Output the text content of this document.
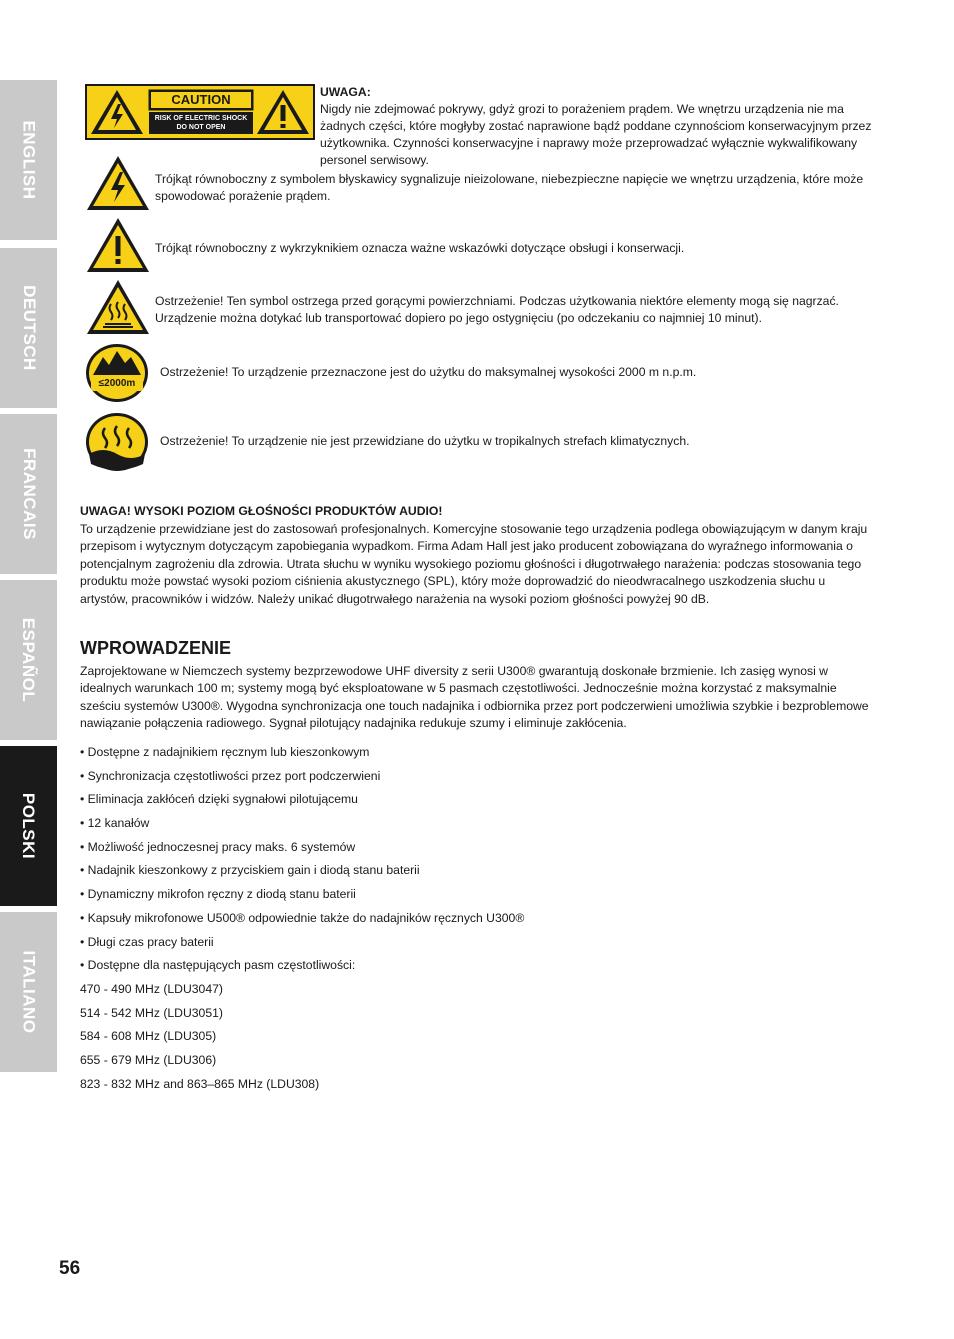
ENGLISH
DEUTSCH
FRANCAIS
ESPAÑOL
POLSKI
ITALIANO
CAUTION
RISK OF ELECTRIC SHOCK
DO NOT OPEN
UWAGA:
Nigdy nie zdejmować pokrywy, gdyż grozi to porażeniem prądem. We wnętrzu urządzenia nie ma żadnych części, które mogłyby zostać naprawione bądź poddane czynnościom konserwacyjnym przez użytkownika. Czynności konserwacyjne i naprawy może przeprowadzać wyłącznie wykwalifikowany personel serwisowy.
Trójkąt równoboczny z symbolem błyskawicy sygnalizuje nieizolowane, niebezpieczne napięcie we wnętrzu urządzenia, które może spowodować porażenie prądem.
Trójkąt równoboczny z wykrzyknikiem oznacza ważne wskazówki dotyczące obsługi i konserwacji.
Ostrzeżenie! Ten symbol ostrzega przed gorącymi powierzchniami. Podczas użytkowania niektóre elementy mogą się nagrzać. Urządzenie można dotykać lub transportować dopiero po jego ostygnięciu (po odczekaniu co najmniej 10 minut).
≤2000m
Ostrzeżenie! To urządzenie przeznaczone jest do użytku do maksymalnej wysokości 2000 m n.p.m.
Ostrzeżenie! To urządzenie nie jest przewidziane do użytku w tropikalnych strefach klimatycznych.
UWAGA! WYSOKI POZIOM GŁOŚNOŚCI PRODUKTÓW AUDIO!
To urządzenie przewidziane jest do zastosowań profesjonalnych. Komercyjne stosowanie tego urządzenia podlega obowiązującym w danym kraju przepisom i wytycznym dotyczącym zapobiegania wypadkom. Firma Adam Hall jest jako producent zobowiązana do wyraźnego informowania o potencjalnym zagrożeniu dla zdrowia. Utrata słuchu w wyniku wysokiego poziomu głośności i długotrwałego narażenia: podczas stosowania tego produktu może powstać wysoki poziom ciśnienia akustycznego (SPL), który może doprowadzić do nieodwracalnego uszkodzenia słuchu u artystów, pracowników i widzów. Należy unikać długotrwałego narażenia na wysoki poziom głośności powyżej 90 dB.
WPROWADZENIE
Zaprojektowane w Niemczech systemy bezprzewodowe UHF diversity z serii U300® gwarantują doskonałe brzmienie. Ich zasięg wynosi w idealnych warunkach 100 m; systemy mogą być eksploatowane w 5 pasmach częstotliwości. Jednocześnie można korzystać z maksymalnie sześciu systemów U300®. Wygodna synchronizacja one touch nadajnika i odbiornika przez port podczerwieni umożliwia szybkie i bezproblemowe nawiązanie połączenia radiowego. Sygnał pilotujący nadajnika redukuje szumy i eliminuje zakłócenia.
• Dostępne z nadajnikiem ręcznym lub kieszonkowym
• Synchronizacja częstotliwości przez port podczerwieni
• Eliminacja zakłóceń dzięki sygnałowi pilotującemu
• 12 kanałów
• Możliwość jednoczesnej pracy maks. 6 systemów
• Nadajnik kieszonkowy z przyciskiem gain i diodą stanu baterii
• Dynamiczny mikrofon ręczny z diodą stanu baterii
• Kapsuły mikrofonowe U500® odpowiednie także do nadajników ręcznych U300®
• Długi czas pracy baterii
• Dostępne dla następujących pasm częstotliwości:
470 - 490 MHz (LDU3047)
514 - 542 MHz (LDU3051)
584 - 608 MHz (LDU305)
655 - 679 MHz (LDU306)
823 - 832 MHz and 863–865 MHz (LDU308)
56
